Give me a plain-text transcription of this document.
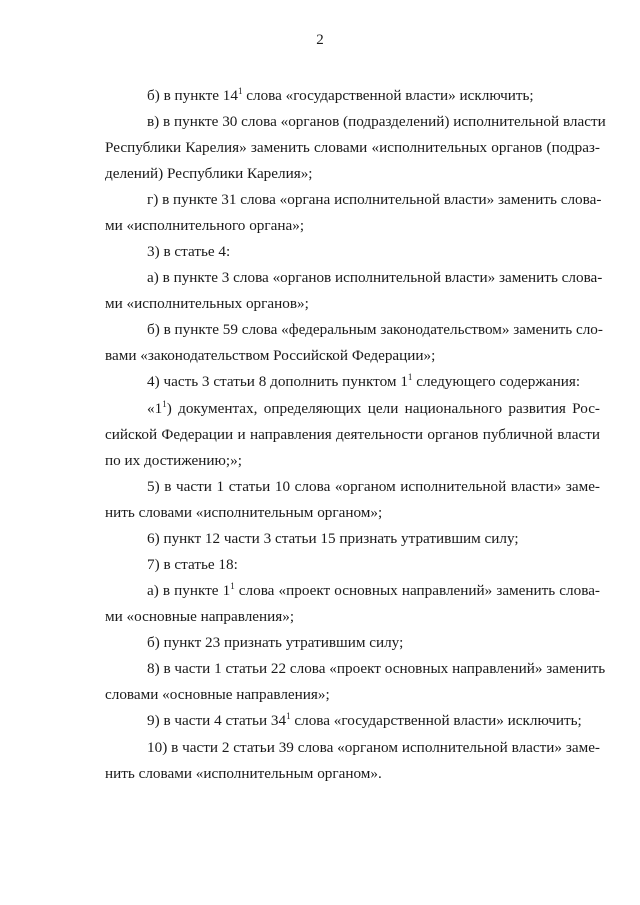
2
б) в пункте $14^1$ слова «государственной власти» исключить;
в) в пункте 30 слова «органов (подразделений) исполнительной власти
Республики Карелия» заменить словами «исполнительных органов (подраз-
делений) Республики Карелия»;
г) в пункте 31 слова «органа исполнительной власти» заменить слова-
ми «исполнительного органа»;
3) в статье 4:
а) в пункте 3 слова «органов исполнительной власти» заменить слова-
ми «исполнительных органов»;
б) в пункте 59 слова «федеральным законодательством» заменить сло-
вами «законодательством Российской Федерации»;
4) часть 3 статьи 8 дополнить пунктом $1^1$ следующего содержания:
«$1^1$) документах, определяющих цели национального развития Рос-
сийской Федерации и направления деятельности органов публичной власти
по их достижению;»;
5) в части 1 статьи 10 слова «органом исполнительной власти» заме-
нить словами «исполнительным органом»;
6) пункт 12 части 3 статьи 15 признать утратившим силу;
7) в статье 18:
а) в пункте $1^1$ слова «проект основных направлений» заменить слова-
ми «основные направления»;
б) пункт 23 признать утратившим силу;
8) в части 1 статьи 22 слова «проект основных направлений» заменить
словами «основные направления»;
9) в части 4 статьи $34^1$ слова «государственной власти» исключить;
10) в части 2 статьи 39 слова «органом исполнительной власти» заме-
нить словами «исполнительным органом».
